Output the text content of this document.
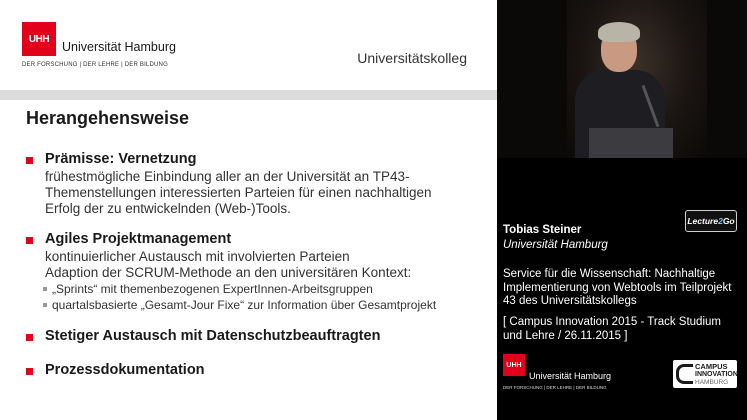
UHH
Universität Hamburg
DER FORSCHUNG | DER LEHRE | DER BILDUNG	Universitätskolleg
Herangehensweise
Prämisse: Vernetzung
frühestmögliche Einbindung aller an der Universität an TP43-
Themenstellungen interessierten Parteien für einen nachhaltigen
Erfolg der zu entwickelnden (Web-)Tools.
Agiles Projektmanagement
kontinuierlicher Austausch mit involvierten Parteien
Adaption der SCRUM-Methode an den universitären Kontext:
„Sprints“ mit themenbezogenen ExpertInnen-Arbeitsgruppen
quartalsbasierte „Gesamt-Jour Fixe“ zur Information über Gesamtprojekt
Stetiger Austausch mit Datenschutzbeauftragten
Prozessdokumentation
Lecture 2 Go
Tobias Steiner
Universität Hamburg
Service für die Wissenschaft: Nachhaltige Implementierung von Webtools im Teilprojekt 43 des Universitätskollegs
[ Campus Innovation 2015 - Track Studium und Lehre / 26.11.2015 ]
UHH
Universität Hamburg
DER FORSCHUNG | DER LEHRE | DER BILDUNG
CAMPUS
INNOVATION
HAMBURG
